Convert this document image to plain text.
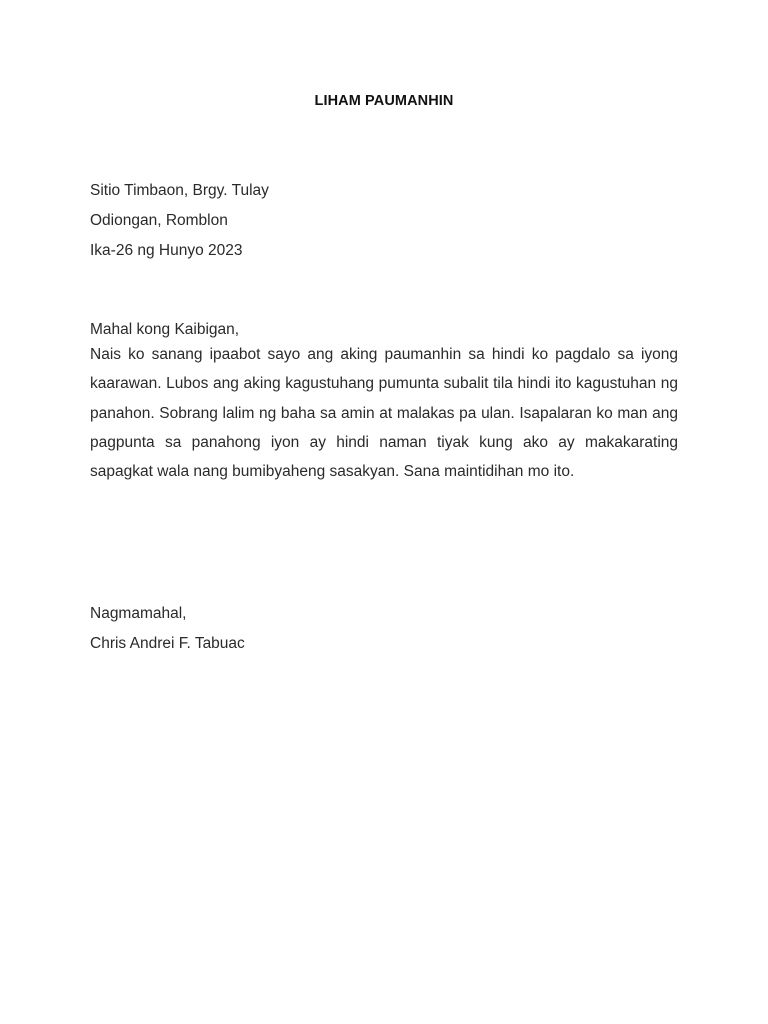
LIHAM PAUMANHIN
Sitio Timbaon, Brgy. Tulay
Odiongan, Romblon
Ika-26 ng Hunyo 2023
Mahal kong Kaibigan,
Nais ko sanang ipaabot sayo ang aking paumanhin sa hindi ko pagdalo sa iyong kaarawan. Lubos ang aking kagustuhang pumunta subalit tila hindi ito kagustuhan ng panahon. Sobrang lalim ng baha sa amin at malakas pa ulan. Isapalaran ko man ang pagpunta sa panahong iyon ay hindi naman tiyak kung ako ay makakarating sapagkat wala nang bumibyaheng sasakyan. Sana maintidihan mo ito.
Nagmamahal,
Chris Andrei F. Tabuac
